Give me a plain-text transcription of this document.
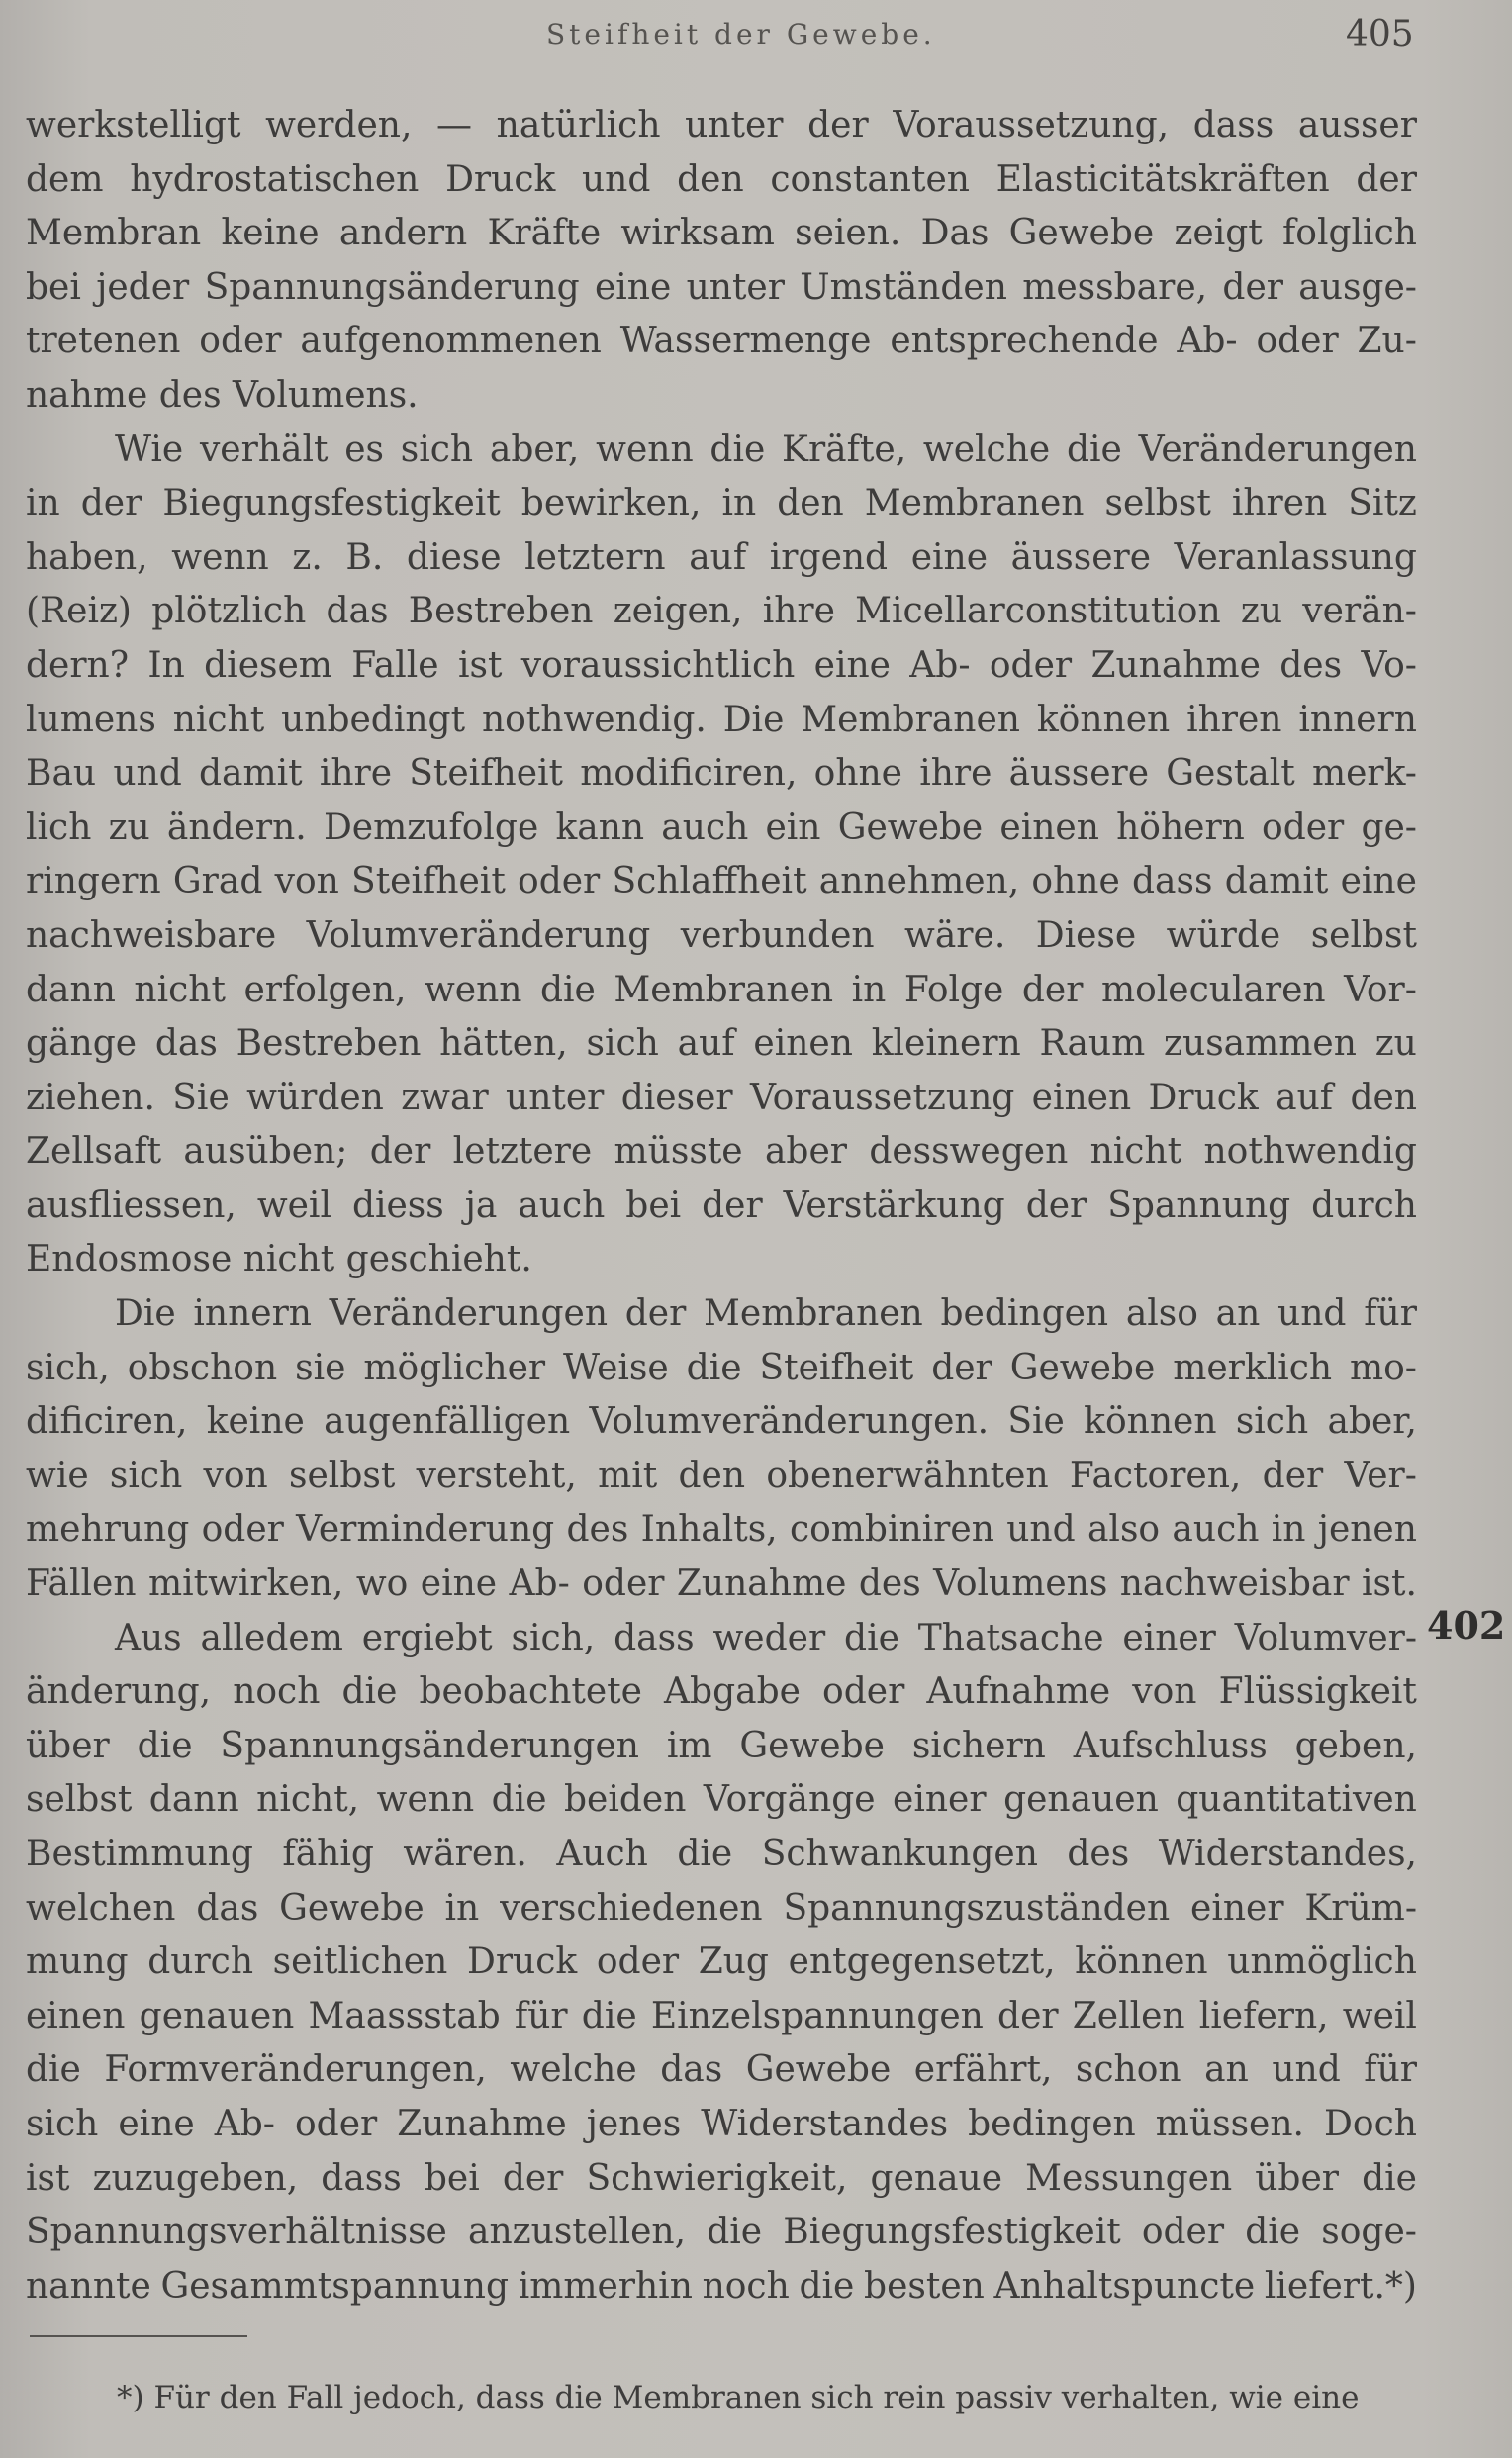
Steifheit der Gewebe.	405
werkstelligt werden, — natürlich unter der Voraussetzung, dass ausser
dem hydrostatischen Druck und den constanten Elasticitätskräften der
Membran keine andern Kräfte wirksam seien. Das Gewebe zeigt folglich
bei jeder Spannungsänderung eine unter Umständen messbare, der ausge-
tretenen oder aufgenommenen Wassermenge entsprechende Ab- oder Zu-
nahme
des
Volumens.
Wie verhält es sich aber, wenn die Kräfte, welche die Veränderungen
in der Biegungsfestigkeit bewirken, in den Membranen selbst ihren Sitz
haben, wenn z. B. diese letztern auf irgend eine äussere Veranlassung
(Reiz) plötzlich das Bestreben zeigen, ihre Micellarconstitution zu verän-
dern? In diesem Falle ist voraussichtlich eine Ab- oder Zunahme des Vo-
lumens nicht unbedingt nothwendig. Die Membranen können ihren innern
Bau und damit ihre Steifheit modificiren, ohne ihre äussere Gestalt merk-
lich zu ändern. Demzufolge kann auch ein Gewebe einen höhern oder ge-
ringern Grad von Steifheit oder Schlaffheit annehmen, ohne dass damit eine
nachweisbare Volumveränderung verbunden wäre. Diese würde selbst
dann nicht erfolgen, wenn die Membranen in Folge der molecularen Vor-
gänge das Bestreben hätten, sich auf einen kleinern Raum zusammen zu
ziehen. Sie würden zwar unter dieser Voraussetzung einen Druck auf den
Zellsaft ausüben; der letztere müsste aber desswegen nicht nothwendig
ausfliessen, weil diess ja auch bei der Verstärkung der Spannung durch
Endosmose
nicht
geschieht.
Die innern Veränderungen der Membranen bedingen also an und für
sich, obschon sie möglicher Weise die Steifheit der Gewebe merklich mo-
dificiren, keine augenfälligen Volumveränderungen. Sie können sich aber,
wie sich von selbst versteht, mit den obenerwähnten Factoren, der Ver-
mehrung oder Verminderung des Inhalts, combiniren und also auch in jenen
Fällen mitwirken, wo eine Ab- oder Zunahme des Volumens nachweisbar ist.
Aus alledem ergiebt sich, dass weder die Thatsache einer Volumver-
änderung, noch die beobachtete Abgabe oder Aufnahme von Flüssigkeit
über die Spannungsänderungen im Gewebe sichern Aufschluss geben,
selbst dann nicht, wenn die beiden Vorgänge einer genauen quantitativen
Bestimmung fähig wären. Auch die Schwankungen des Widerstandes,
welchen das Gewebe in verschiedenen Spannungszuständen einer Krüm-
mung durch seitlichen Druck oder Zug entgegensetzt, können unmöglich
einen genauen Maassstab für die Einzelspannungen der Zellen liefern, weil
die Formveränderungen, welche das Gewebe erfährt, schon an und für
sich eine Ab- oder Zunahme jenes Widerstandes bedingen müssen. Doch
ist zuzugeben, dass bei der Schwierigkeit, genaue Messungen über die
Spannungsverhältnisse anzustellen, die Biegungsfestigkeit oder die soge-
nannte Gesammtspannung immerhin noch die besten Anhaltspuncte liefert.*)
402
*) Für den Fall jedoch, dass die Membranen sich rein passiv verhalten, wie eine
